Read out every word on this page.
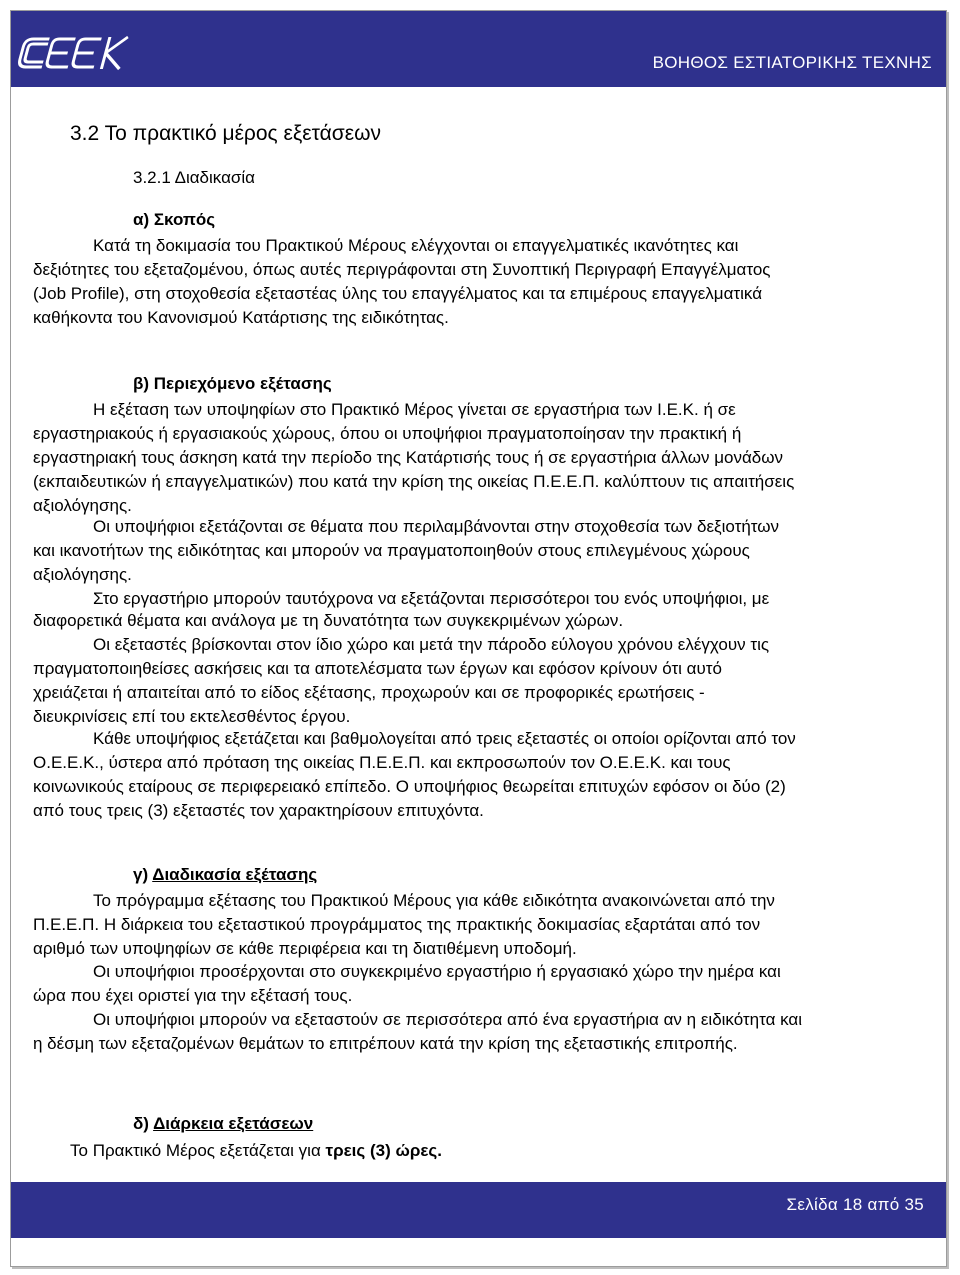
CEEK
ΒΟΗΘΟΣ ΕΣΤΙΑΤΟΡΙΚΗΣ ΤΕΧΝΗΣ
3.2 Το πρακτικό μέρος εξετάσεων
3.2.1 Διαδικασία
α) Σκοπός
Κατά τη δοκιμασία του Πρακτικού Μέρους ελέγχονται οι επαγγελματικές ικανότητες και
δεξιότητες του εξεταζομένου, όπως αυτές περιγράφονται στη Συνοπτική Περιγραφή Επαγγέλματος
(Job Profile), στη στοχοθεσία εξεταστέας ύλης του επαγγέλματος και τα επιμέρους επαγγελματικά
καθήκοντα του Κανονισμού Κατάρτισης της ειδικότητας.
β) Περιεχόμενο εξέτασης
Η εξέταση των υποψηφίων στο Πρακτικό Μέρος γίνεται σε εργαστήρια των Ι.Ε.Κ. ή σε
εργαστηριακούς ή εργασιακούς χώρους, όπου οι υποψήφιοι πραγματοποίησαν την πρακτική ή
εργαστηριακή τους άσκηση κατά την περίοδο της Κατάρτισής τους ή σε εργαστήρια άλλων μονάδων
(εκπαιδευτικών ή επαγγελματικών) που κατά την κρίση της οικείας Π.Ε.Ε.Π. καλύπτουν τις απαιτήσεις
αξιολόγησης.
Οι υποψήφιοι εξετάζονται σε θέματα που περιλαμβάνονται στην στοχοθεσία των δεξιοτήτων
και ικανοτήτων της ειδικότητας και μπορούν να πραγματοποιηθούν στους επιλεγμένους χώρους
αξιολόγησης.
Στο εργαστήριο μπορούν ταυτόχρονα να εξετάζονται περισσότεροι του ενός υποψήφιοι, με
διαφορετικά θέματα και ανάλογα με τη δυνατότητα των συγκεκριμένων χώρων.
Οι εξεταστές βρίσκονται στον ίδιο χώρο και μετά την πάροδο εύλογου χρόνου ελέγχουν τις
πραγματοποιηθείσες ασκήσεις και τα αποτελέσματα των έργων και εφόσον κρίνουν ότι αυτό
χρειάζεται ή απαιτείται από το είδος εξέτασης, προχωρούν και σε προφορικές ερωτήσεις -
διευκρινίσεις επί του εκτελεσθέντος έργου.
Κάθε υποψήφιος εξετάζεται και βαθμολογείται από τρεις εξεταστές οι οποίοι ορίζονται από τον
Ο.Ε.Ε.Κ., ύστερα από πρόταση της οικείας Π.Ε.Ε.Π. και εκπροσωπούν τον Ο.Ε.Ε.Κ. και τους
κοινωνικούς εταίρους σε περιφερειακό επίπεδο. Ο υποψήφιος θεωρείται επιτυχών εφόσον οι δύο (2)
από τους τρεις (3) εξεταστές τον χαρακτηρίσουν επιτυχόντα.
γ) Διαδικασία εξέτασης
Το πρόγραμμα εξέτασης του Πρακτικού Μέρους για κάθε ειδικότητα ανακοινώνεται από την
Π.Ε.Ε.Π. Η διάρκεια του εξεταστικού προγράμματος της πρακτικής δοκιμασίας εξαρτάται από τον
αριθμό των υποψηφίων σε κάθε περιφέρεια και τη διατιθέμενη υποδομή.
Οι υποψήφιοι προσέρχονται στο συγκεκριμένο εργαστήριο ή εργασιακό χώρο την ημέρα και
ώρα που έχει οριστεί για την εξέτασή τους.
Οι υποψήφιοι μπορούν να εξεταστούν σε περισσότερα από ένα εργαστήρια αν η ειδικότητα και
η δέσμη των εξεταζομένων θεμάτων το επιτρέπουν κατά την κρίση της εξεταστικής επιτροπής.
δ) Διάρκεια εξετάσεων
Το Πρακτικό Μέρος εξετάζεται για τρεις (3) ώρες.
Σελίδα 18 από 35
